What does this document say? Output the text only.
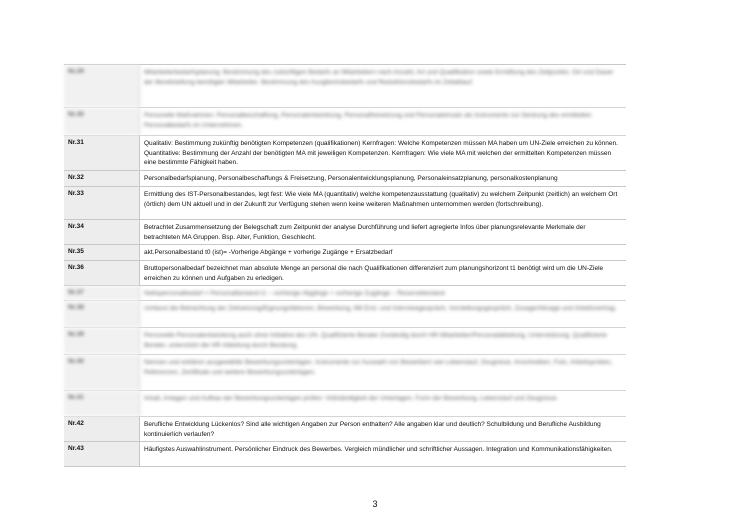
Nr.29	Mitarbeiterbedarfsplanung: Bestimmung des zukünftigen Bedarfs an Mitarbeitern nach Anzahl, Art und Qualifikation sowie Ermittlung des Zeitpunkts, Ort und Dauer der Bereitstellung benötigter Mitarbeiter. Bestimmung des Ausgleichsbedarfs und Reduktionsbedarfs im Zeitablauf.
Nr.30	Personelle Maßnahmen: Personalbeschaffung, Personalentwicklung, Personalfreisetzung und Personaleinsatz als Instrumente zur Deckung des ermittelten Personalbedarfs im Unternehmen.
Nr.31	Qualitativ: Bestimmung zukünftig benötigten Kompetenzen (qualifikationen) Kernfragen: Welche Kompetenzen müssen MA haben um UN-Ziele erreichen zu können. Quantitative: Bestimmung der Anzahl der benötigten MA mit jeweiligen Kompetenzen. Kernfragen: Wie viele MA mit welchen der ermittelten Kompetenzen müssen eine bestimmte Fähigkeit haben.
Nr.32	Personalbedarfsplanung, Personalbeschaffungs & Freisetzung, Personalentwicklungsplanung, Personaleinsatzplanung, personalkostenplanung
Nr.33	Ermittlung des IST-Personalbestandes, legt fest: Wie viele MA (quantitativ) welche kompetenzausstattung (qualitativ) zu welchem Zeitpunkt (zeitlich) an welchem Ort (örtlich) dem UN aktuell und in der Zukunft zur Verfügung stehen wenn keine weiteren Maßnahmen unternommen werden (fortschreibung).
Nr.34	Betrachtet Zusammensetzung der Belegschaft zum Zeitpunkt der analyse Durchführung und liefert agregierte Infos über planungsrelevante Merkmale der betrachteten MA Gruppen. Bsp. Alter, Funktion, Geschlecht.
Nr.35	akt.Personalbestand t0 (ist)= -Vorherige Abgänge + vorherige Zugänge + Ersatzbedarf
Nr.36	Bruttopersonalbedarf bezeichnet man absolute Menge an personal die nach Qualifikationen differenziert zum planungshorizont t1 benötigt wird um die UN-Ziele erreichen zu können und Aufgaben zu erledigen.
Nr.37	Nettopersonalbedarf = Personalbestand t1 – vorherige Abgänge + vorherige Zugänge – Reservebestand
Nr.38	Umfasst die Betrachtung der Zielsetzung/Eignungsfaktoren, Bewerbung, Mit Erst- und Interviewgespräch, Vorstellungsgespräch, Zusage/Absage und Arbeitsvertrag.
Nr.39	Personelle Personalentwicklung auch ohne Initiative des UN. Qualifizierte Berater Zuständig durch HR-Mitarbeiter/Personalabteilung, Unterstützung, Qualifizierte Berater, unterstützt die HR-Abteilung durch Beratung.
Nr.40	Nennen und erklären ausgewählte Bewerbungsunterlagen. Instrumente zur Auswahl von Bewerbern wie Lebenslauf, Zeugnisse, Anschreiben, Foto, Arbeitsproben, Referenzen, Zertifikate und weitere Bewerbungsunterlagen.
Nr.41	Inhalt, Anlagen und Aufbau der Bewerbungsunterlagen prüfen: Vollständigkeit der Unterlagen, Form der Bewerbung, Lebenslauf und Zeugnisse.
Nr.42	Berufliche Entwicklung Lückenlos? Sind alle wichtigen Angaben zur Person enthalten? Alle angaben klar und deutlich? Schulbildung und Berufliche Ausbildung kontinuierlich verlaufen?
Nr.43	Häufigstes Auswahlinstrument. Persönlicher Eindruck des Bewerbes. Vergleich mündlicher und schriftlicher Aussagen. Integration und Kommunikationsfähigkeiten.
3
